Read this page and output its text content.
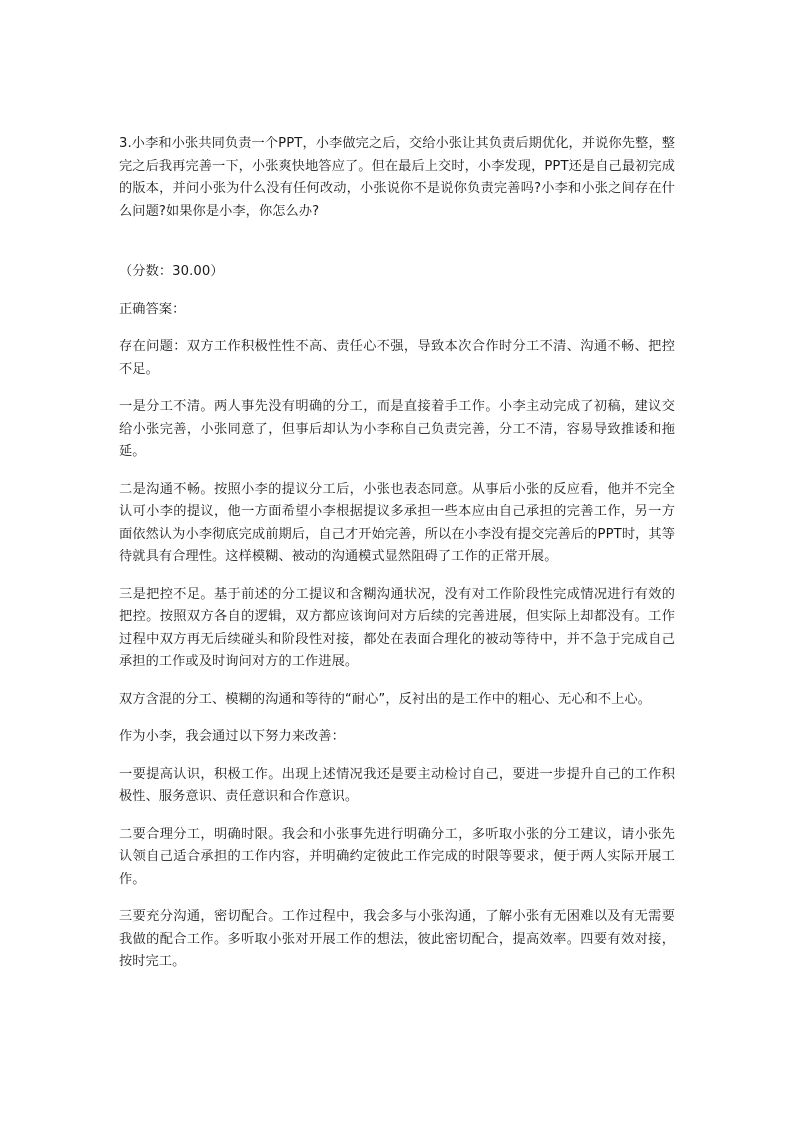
3.小李和小张共同负责一个PPT，小李做完之后，交给小张让其负责后期优化，并说你先整，整完之后我再完善一下，小张爽快地答应了。但在最后上交时，小李发现，PPT还是自己最初完成的版本，并问小张为什么没有任何改动，小张说你不是说你负责完善吗?小李和小张之间存在什么问题?如果你是小李，你怎么办?

（分数：30.00）

正确答案：

存在问题：双方工作积极性性不高、责任心不强，导致本次合作时分工不清、沟通不畅、把控不足。

一是分工不清。两人事先没有明确的分工，而是直接着手工作。小李主动完成了初稿，建议交给小张完善，小张同意了，但事后却认为小李称自己负责完善，分工不清，容易导致推诿和拖延。

二是沟通不畅。按照小李的提议分工后，小张也表态同意。从事后小张的反应看，他并不完全认可小李的提议，他一方面希望小李根据提议多承担一些本应由自己承担的完善工作，另一方面依然认为小李彻底完成前期后，自己才开始完善，所以在小李没有提交完善后的PPT时，其等待就具有合理性。这样模糊、被动的沟通模式显然阻碍了工作的正常开展。

三是把控不足。基于前述的分工提议和含糊沟通状况，没有对工作阶段性完成情况进行有效的把控。按照双方各自的逻辑，双方都应该询问对方后续的完善进展，但实际上却都没有。工作过程中双方再无后续碰头和阶段性对接，都处在表面合理化的被动等待中，并不急于完成自己承担的工作或及时询问对方的工作进展。

双方含混的分工、模糊的沟通和等待的“耐心”，反衬出的是工作中的粗心、无心和不上心。

作为小李，我会通过以下努力来改善：

一要提高认识，积极工作。出现上述情况我还是要主动检讨自己，要进一步提升自己的工作积极性、服务意识、责任意识和合作意识。

二要合理分工，明确时限。我会和小张事先进行明确分工，多听取小张的分工建议，请小张先认领自己适合承担的工作内容，并明确约定彼此工作完成的时限等要求，便于两人实际开展工作。

三要充分沟通，密切配合。工作过程中，我会多与小张沟通，了解小张有无困难以及有无需要我做的配合工作。多听取小张对开展工作的想法，彼此密切配合，提高效率。四要有效对接，按时完工。
